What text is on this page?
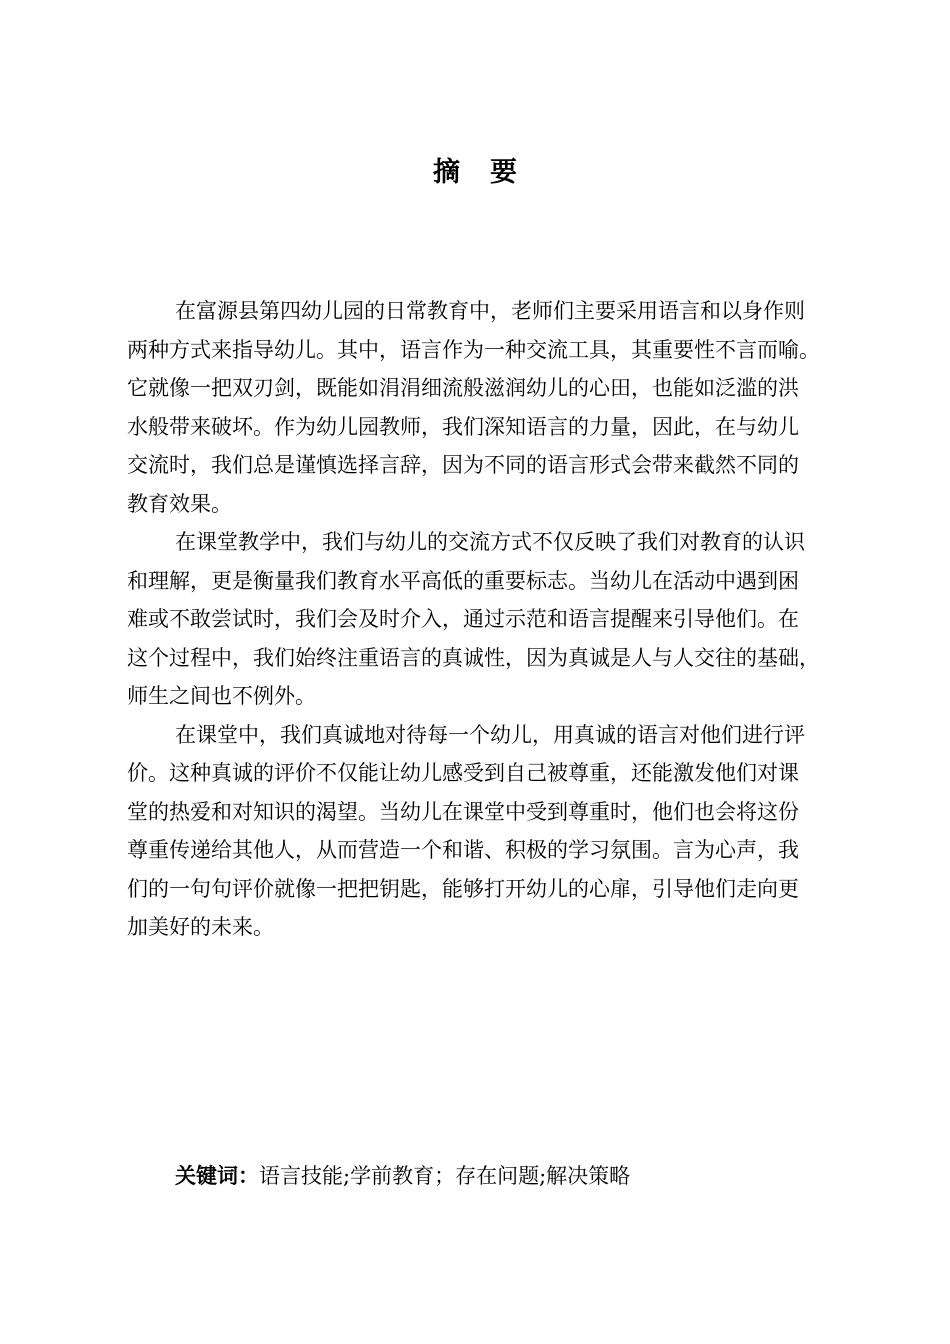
摘 要

在富源县第四幼儿园的日常教育中，老师们主要采用语言和以身作则
两种方式来指导幼儿。其中，语言作为一种交流工具，其重要性不言而喻。
它就像一把双刃剑，既能如涓涓细流般滋润幼儿的心田，也能如泛滥的洪
水般带来破坏。作为幼儿园教师，我们深知语言的力量，因此，在与幼儿
交流时，我们总是谨慎选择言辞，因为不同的语言形式会带来截然不同的
教育效果。

在课堂教学中，我们与幼儿的交流方式不仅反映了我们对教育的认识
和理解，更是衡量我们教育水平高低的重要标志。当幼儿在活动中遇到困
难或不敢尝试时，我们会及时介入，通过示范和语言提醒来引导他们。在
这个过程中，我们始终注重语言的真诚性，因为真诚是人与人交往的基础，
师生之间也不例外。

在课堂中，我们真诚地对待每一个幼儿，用真诚的语言对他们进行评
价。这种真诚的评价不仅能让幼儿感受到自己被尊重，还能激发他们对课
堂的热爱和对知识的渴望。当幼儿在课堂中受到尊重时，他们也会将这份
尊重传递给其他人，从而营造一个和谐、积极的学习氛围。言为心声，我
们的一句句评价就像一把把钥匙，能够打开幼儿的心扉，引导他们走向更
加美好的未来。

关键词：语言技能;学前教育；存在问题;解决策略
